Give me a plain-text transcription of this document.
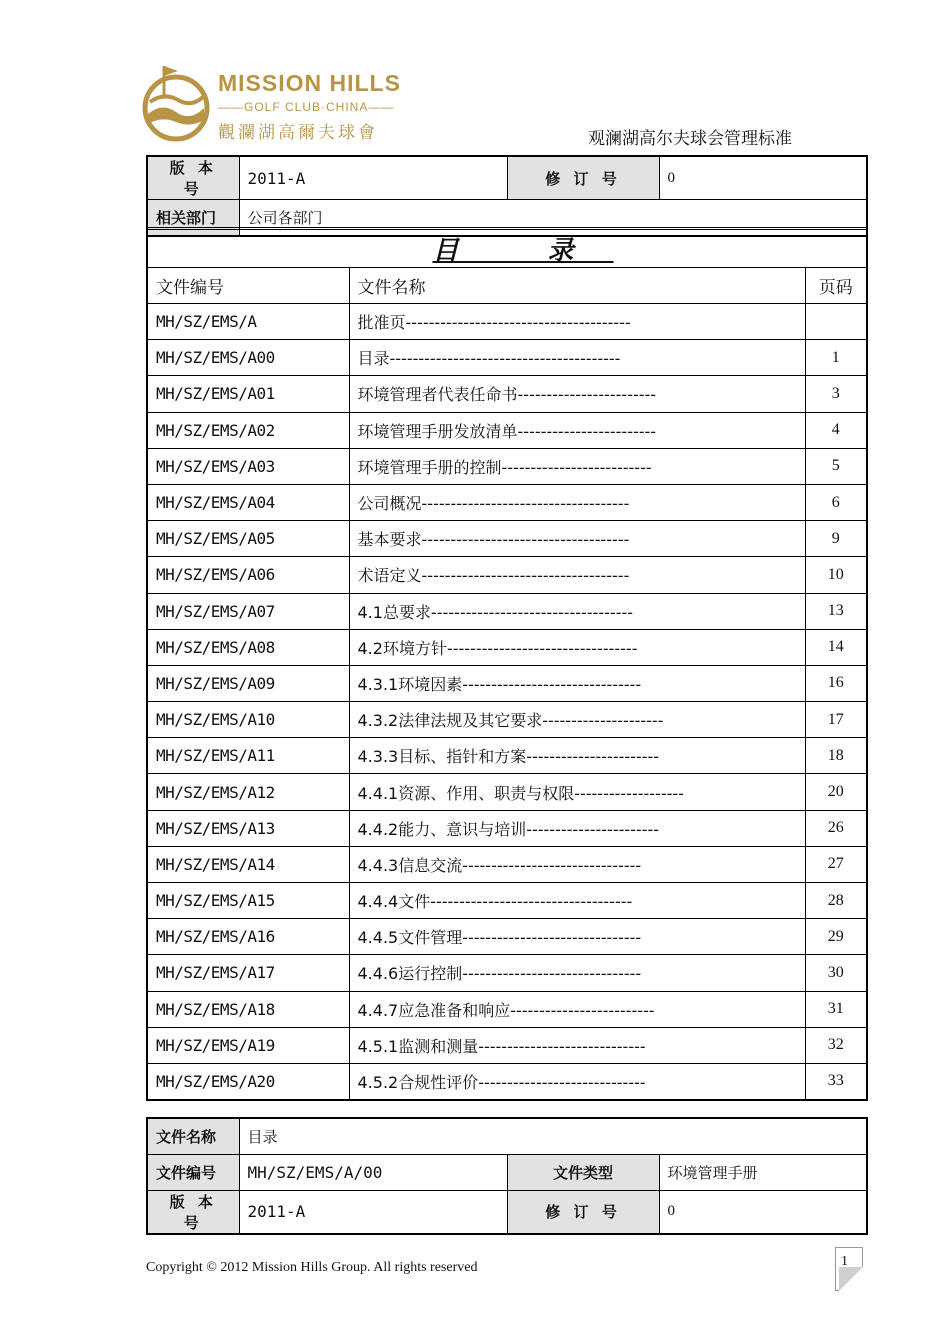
MISSION HILLS
——GOLF CLUB·CHINA——
觀瀾湖高爾夫球會	观澜湖高尔夫球会管理标准
版 本 号	2011-A	修 订 号	0
相关部门	公司各部门		
目 录		
文件编号	文件名称	页码
MH/SZ/EMS/A	批准页---------------------------------------	
MH/SZ/EMS/A00	目录----------------------------------------	1
MH/SZ/EMS/A01	环境管理者代表任命书------------------------	3
MH/SZ/EMS/A02	环境管理手册发放清单------------------------	4
MH/SZ/EMS/A03	环境管理手册的控制--------------------------	5
MH/SZ/EMS/A04	公司概况------------------------------------	6
MH/SZ/EMS/A05	基本要求------------------------------------	9
MH/SZ/EMS/A06	术语定义------------------------------------	10
MH/SZ/EMS/A07	4.1总要求-----------------------------------	13
MH/SZ/EMS/A08	4.2环境方针---------------------------------	14
MH/SZ/EMS/A09	4.3.1环境因素-------------------------------	16
MH/SZ/EMS/A10	4.3.2法律法规及其它要求---------------------	17
MH/SZ/EMS/A11	4.3.3目标、指针和方案-----------------------	18
MH/SZ/EMS/A12	4.4.1资源、作用、职责与权限-------------------	20
MH/SZ/EMS/A13	4.4.2能力、意识与培训-----------------------	26
MH/SZ/EMS/A14	4.4.3信息交流-------------------------------	27
MH/SZ/EMS/A15	4.4.4文件-----------------------------------	28
MH/SZ/EMS/A16	4.4.5文件管理-------------------------------	29
MH/SZ/EMS/A17	4.4.6运行控制-------------------------------	30
MH/SZ/EMS/A18	4.4.7应急准备和响应-------------------------	31
MH/SZ/EMS/A19	4.5.1监测和测量-----------------------------	32
MH/SZ/EMS/A20	4.5.2合规性评价-----------------------------	33
文件名称	目录		
文件编号	MH/SZ/EMS/A/00	文件类型	环境管理手册
版 本 号	2011-A	修 订 号	0
Copyright © 2012 Mission Hills Group. All rights reserved	1
